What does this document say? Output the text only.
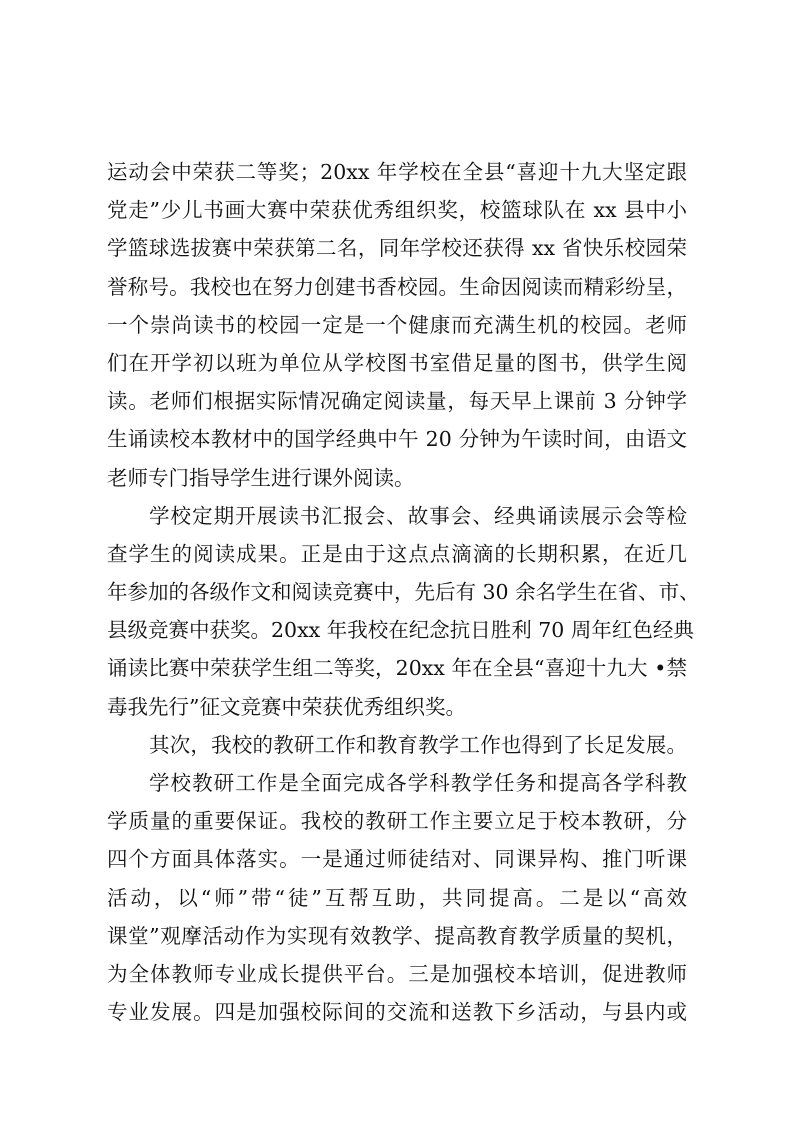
运动会中荣获二等奖；20xx 年学校在全县“喜迎十九大坚定跟
党走”少儿书画大赛中荣获优秀组织奖，校篮球队在 xx 县中小
学篮球选拔赛中荣获第二名，同年学校还获得 xx 省快乐校园荣
誉称号。我校也在努力创建书香校园。生命因阅读而精彩纷呈，
一个崇尚读书的校园一定是一个健康而充满生机的校园。老师
们在开学初以班为单位从学校图书室借足量的图书，供学生阅
读。老师们根据实际情况确定阅读量，每天早上课前 3 分钟学
生诵读校本教材中的国学经典中午 20 分钟为午读时间，由语文
老师专门指导学生进行课外阅读。
学校定期开展读书汇报会、故事会、经典诵读展示会等检
查学生的阅读成果。正是由于这点点滴滴的长期积累，在近几
年参加的各级作文和阅读竞赛中，先后有 30 余名学生在省、市、
县级竞赛中获奖。20xx 年我校在纪念抗日胜利 70 周年红色经典
诵读比赛中荣获学生组二等奖，20xx 年在全县“喜迎十九大 •禁
毒我先行”征文竞赛中荣获优秀组织奖。
其次，我校的教研工作和教育教学工作也得到了长足发展。
学校教研工作是全面完成各学科教学任务和提高各学科教
学质量的重要保证。我校的教研工作主要立足于校本教研，分
四个方面具体落实。一是通过师徒结对、同课异构、推门听课
活动，以“师”带“徒”互帮互助，共同提高。二是以“高效
课堂”观摩活动作为实现有效教学、提高教育教学质量的契机，
为全体教师专业成长提供平台。三是加强校本培训，促进教师
专业发展。四是加强校际间的交流和送教下乡活动，与县内或
